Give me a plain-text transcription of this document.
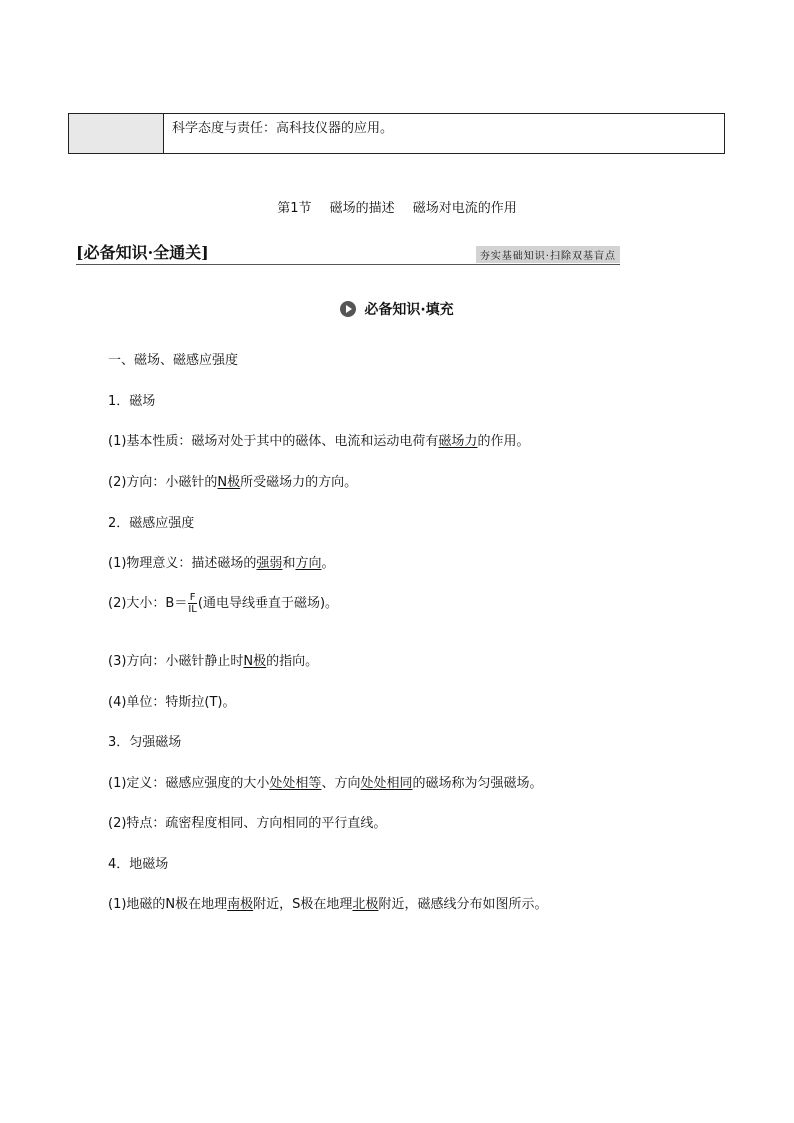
科学态度与责任：高科技仪器的应用。
第1节 磁场的描述 磁场对电流的作用
[必备知识·全通关]	夯实基础知识·扫除双基盲点
必备知识·填充
一、磁场、磁感应强度
1．磁场
(1)基本性质：磁场对处于其中的磁体、电流和运动电荷有磁场力的作用。
(2)方向：小磁针的N极所受磁场力的方向。
2．磁感应强度
(1)物理意义：描述磁场的强弱和方向。
(2)大小：$B= \frac{F}{IL}$ (通电导线垂直于磁场)。
(3)方向：小磁针静止时N极的指向。
(4)单位：特斯拉(T)。
3．匀强磁场
(1)定义：磁感应强度的大小处处相等、方向处处相同的磁场称为匀强磁场。
(2)特点：疏密程度相同、方向相同的平行直线。
4．地磁场
(1)地磁的N极在地理南极附近，S极在地理北极附近，磁感线分布如图所示。
